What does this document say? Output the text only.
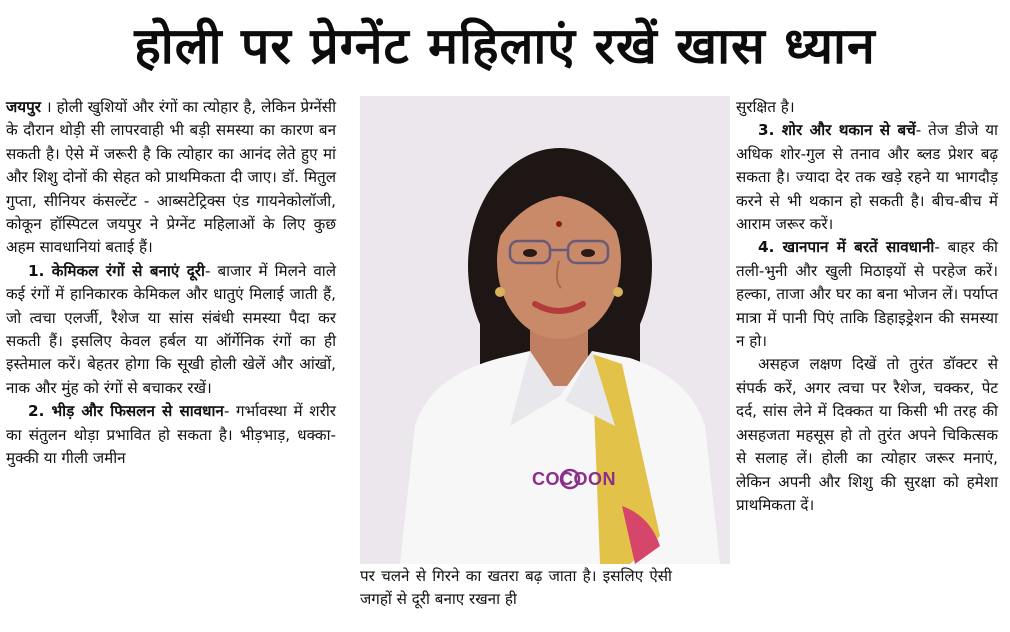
होली पर प्रेग्नेंट महिलाएं रखें खास ध्यान

जयपुर । होली खुशियों और रंगों का त्योहार है, लेकिन प्रेग्नेंसी के दौरान थोड़ी सी लापरवाही भी बड़ी समस्या का कारण बन सकती है। ऐसे में जरूरी है कि त्योहार का आनंद लेते हुए मां और शिशु दोनों की सेहत को प्राथमिकता दी जाए। डॉ. मितुल गुप्ता, सीनियर कंसल्टेंट - आब्सटेट्रिक्स एंड गायनेकोलॉजी, कोकून हॉस्पिटल जयपुर ने प्रेग्नेंट महिलाओं के लिए कुछ अहम सावधानियां बताई हैं।

1. केमिकल रंगों से बनाएं दूरी- बाजार में मिलने वाले कई रंगों में हानिकारक केमिकल और धातुएं मिलाई जाती हैं, जो त्वचा एलर्जी, रैशेज या सांस संबंधी समस्या पैदा कर सकती हैं। इसलिए केवल हर्बल या ऑर्गेनिक रंगों का ही इस्तेमाल करें। बेहतर होगा कि सूखी होली खेलें और आंखों, नाक और मुंह को रंगों से बचाकर रखें।

2. भीड़ और फिसलन से सावधान- गर्भावस्था में शरीर का संतुलन थोड़ा प्रभावित हो सकता है। भीड़भाड़, धक्का-मुक्की या गीली जमीन

COCOON
पर चलने से गिरने का खतरा बढ़ जाता है। इसलिए ऐसी जगहों से दूरी बनाए रखना ही

सुरक्षित है।

3. शोर और थकान से बचें- तेज डीजे या अधिक शोर-गुल से तनाव और ब्लड प्रेशर बढ़ सकता है। ज्यादा देर तक खड़े रहने या भागदौड़ करने से भी थकान हो सकती है। बीच-बीच में आराम जरूर करें।

4. खानपान में बरतें सावधानी- बाहर की तली-भुनी और खुली मिठाइयों से परहेज करें। हल्का, ताजा और घर का बना भोजन लें। पर्याप्त मात्रा में पानी पिएं ताकि डिहाइड्रेशन की समस्या न हो।

असहज लक्षण दिखें तो तुरंत डॉक्टर से संपर्क करें, अगर त्वचा पर रैशेज, चक्कर, पेट दर्द, सांस लेने में दिक्कत या किसी भी तरह की असहजता महसूस हो तो तुरंत अपने चिकित्सक से सलाह लें। होली का त्योहार जरूर मनाएं, लेकिन अपनी और शिशु की सुरक्षा को हमेशा प्राथमिकता दें।
